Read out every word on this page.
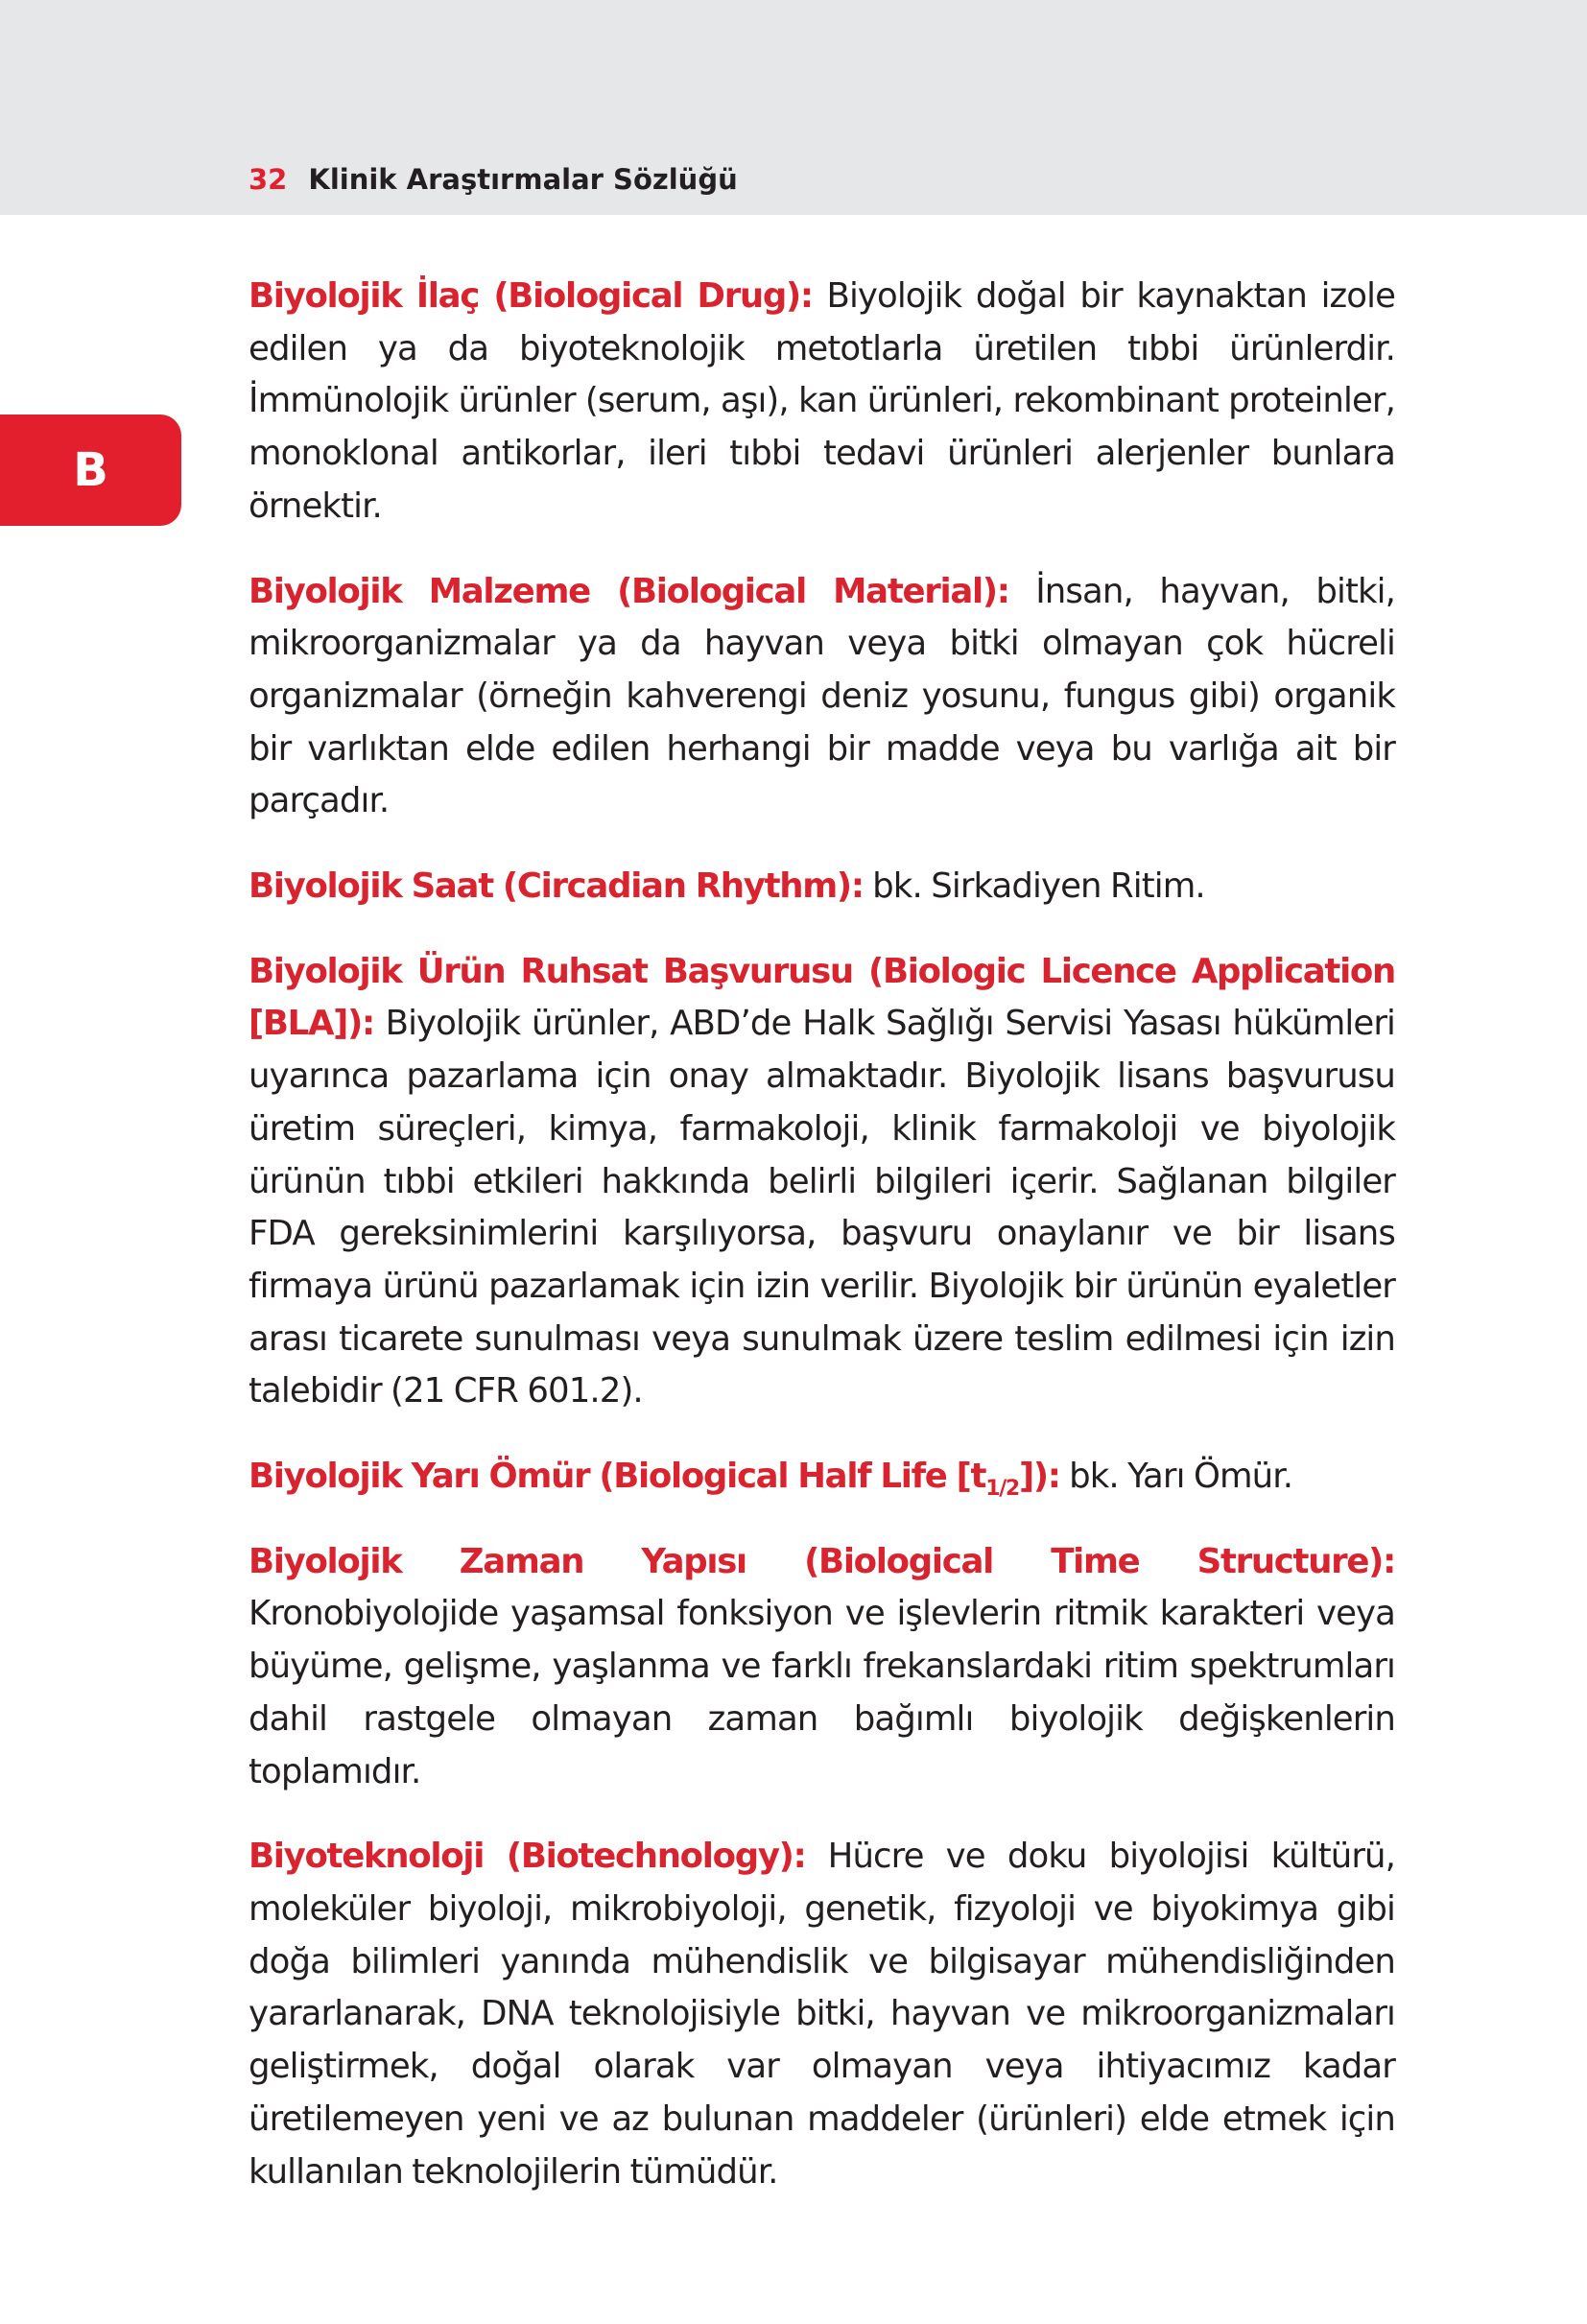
32 Klinik Araştırmalar Sözlüğü
B

Biyolojik İlaç (Biological Drug): Biyolojik doğal bir kaynaktan izole edilen ya da biyoteknolojik metotlarla üretilen tıbbi ürünlerdir. İmmünolojik ürünler (serum, aşı), kan ürünleri, rekombinant proteinler, monoklonal antikorlar, ileri tıbbi tedavi ürünleri alerjenler bunlara örnektir.

Biyolojik Malzeme (Biological Material): İnsan, hayvan, bitki, mikroorganizmalar ya da hayvan veya bitki olmayan çok hücreli organizmalar (örneğin kahverengi deniz yosunu, fungus gibi) organik bir varlıktan elde edilen herhangi bir madde veya bu varlığa ait bir parçadır.

Biyolojik Saat (Circadian Rhythm): bk. Sirkadiyen Ritim.

Biyolojik Ürün Ruhsat Başvurusu (Biologic Licence Application [BLA]): Biyolojik ürünler, ABD’de Halk Sağlığı Servisi Yasası hükümleri uyarınca pazarlama için onay almaktadır. Biyolojik lisans başvurusu üretim süreçleri, kimya, farmakoloji, klinik farmakoloji ve biyolojik ürünün tıbbi etkileri hakkında belirli bilgileri içerir. Sağlanan bilgiler FDA gereksinimlerini karşılıyorsa, başvuru onaylanır ve bir lisans firmaya ürünü pazarlamak için izin verilir. Biyolojik bir ürünün eyaletler arası ticarete sunulması veya sunulmak üzere teslim edilmesi için izin talebidir (21 CFR 601.2).

Biyolojik Yarı Ömür (Biological Half Life $[t_{1/2}]$): bk. Yarı Ömür.

Biyolojik Zaman Yapısı (Biological Time Structure): Kronobiyolojide yaşamsal fonksiyon ve işlevlerin ritmik karakteri veya büyüme, gelişme, yaşlanma ve farklı frekanslardaki ritim spektrumları dahil rastgele olmayan zaman bağımlı biyolojik değişkenlerin toplamıdır.

Biyoteknoloji (Biotechnology): Hücre ve doku biyolojisi kültürü, moleküler biyoloji, mikrobiyoloji, genetik, fizyoloji ve biyokimya gibi doğa bilimleri yanında mühendislik ve bilgisayar mühendisliğinden yararlanarak, DNA teknolojisiyle bitki, hayvan ve mikroorganizmaları geliştirmek, doğal olarak var olmayan veya ihtiyacımız kadar üretilemeyen yeni ve az bulunan maddeler (ürünleri) elde etmek için kullanılan teknolojilerin tümüdür.
